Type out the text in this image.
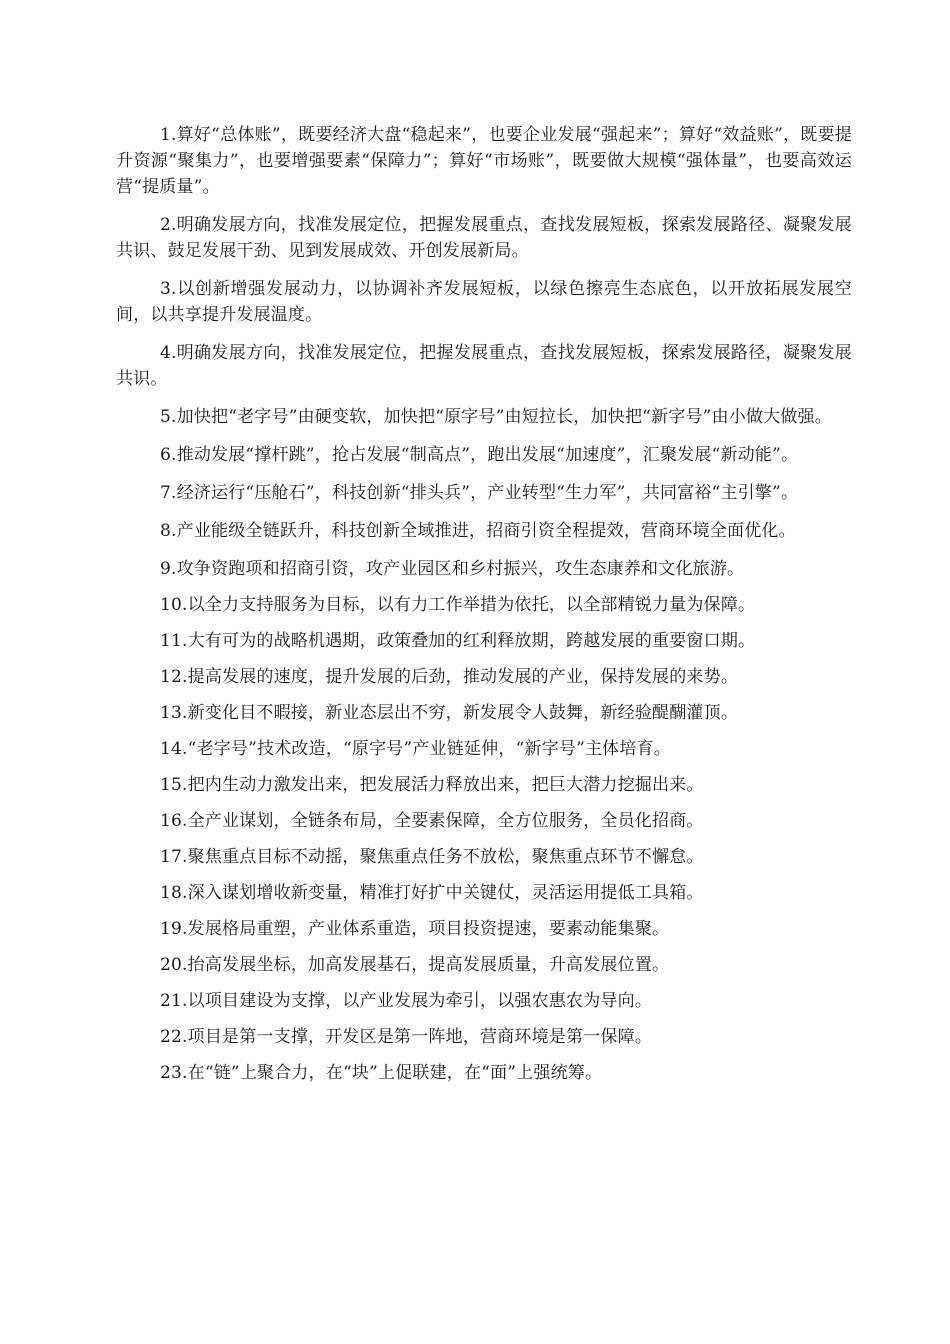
1.算好“总体账”，既要经济大盘“稳起来”，也要企业发展“强起来”；算好“效益账”，既要提升资源“聚集力”，也要增强要素“保障力”；算好“市场账”，既要做大规模“强体量”，也要高效运营“提质量”。

2.明确发展方向，找准发展定位，把握发展重点，查找发展短板，探索发展路径、凝聚发展共识、鼓足发展干劲、见到发展成效、开创发展新局。

3.以创新增强发展动力，以协调补齐发展短板，以绿色擦亮生态底色，以开放拓展发展空间，以共享提升发展温度。

4.明确发展方向，找准发展定位，把握发展重点，查找发展短板，探索发展路径，凝聚发展共识。

5.加快把“老字号”由硬变软，加快把“原字号”由短拉长，加快把“新字号”由小做大做强。

6.推动发展“撑杆跳”，抢占发展“制高点”，跑出发展“加速度”，汇聚发展“新动能”。

7.经济运行“压舱石”，科技创新“排头兵”，产业转型“生力军”，共同富裕“主引擎”。

8.产业能级全链跃升，科技创新全域推进，招商引资全程提效，营商环境全面优化。

9.攻争资跑项和招商引资，攻产业园区和乡村振兴，攻生态康养和文化旅游。

10.以全力支持服务为目标，以有力工作举措为依托，以全部精锐力量为保障。

11.大有可为的战略机遇期，政策叠加的红利释放期，跨越发展的重要窗口期。

12.提高发展的速度，提升发展的后劲，推动发展的产业，保持发展的来势。

13.新变化目不暇接，新业态层出不穷，新发展令人鼓舞，新经验醍醐灌顶。

14.“老字号”技术改造，“原字号”产业链延伸，“新字号”主体培育。

15.把内生动力激发出来，把发展活力释放出来，把巨大潜力挖掘出来。

16.全产业谋划，全链条布局，全要素保障，全方位服务，全员化招商。

17.聚焦重点目标不动摇，聚焦重点任务不放松，聚焦重点环节不懈怠。

18.深入谋划增收新变量，精准打好扩中关键仗，灵活运用提低工具箱。

19.发展格局重塑，产业体系重造，项目投资提速，要素动能集聚。

20.抬高发展坐标，加高发展基石，提高发展质量，升高发展位置。

21.以项目建设为支撑，以产业发展为牵引，以强农惠农为导向。

22.项目是第一支撑，开发区是第一阵地，营商环境是第一保障。

23.在“链”上聚合力，在“块”上促联建，在“面”上强统筹。
